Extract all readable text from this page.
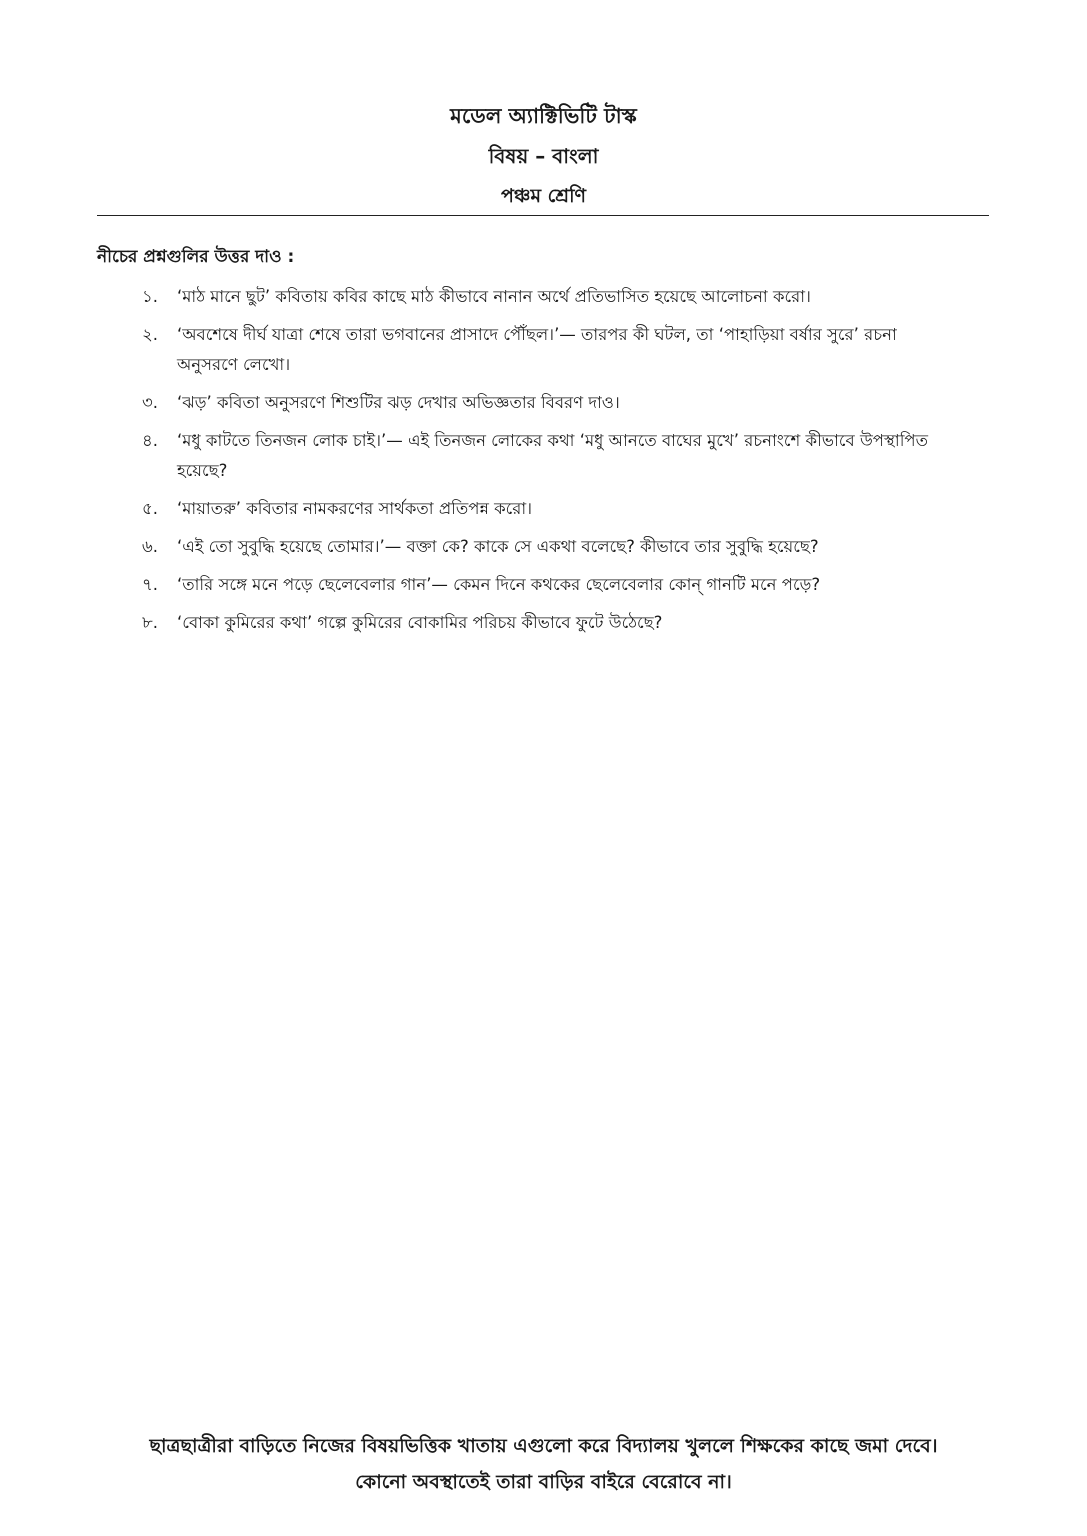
মডেল অ্যাক্টিভিটি টাস্ক
বিষয় – বাংলা
পঞ্চম শ্রেণি
নীচের প্রশ্নগুলির উত্তর দাও :
১.	‘মাঠ মানে ছুট’ কবিতায় কবির কাছে মাঠ কীভাবে নানান অর্থে প্রতিভাসিত হয়েছে আলোচনা করো।
২.	‘অবশেষে দীর্ঘ যাত্রা শেষে তারা ভগবানের প্রাসাদে পৌঁছল।’— তারপর কী ঘটল, তা ‘পাহাড়িয়া বর্ষার সুরে’ রচনা অনুসরণে লেখো।
৩.	‘ঝড়’ কবিতা অনুসরণে শিশুটির ঝড় দেখার অভিজ্ঞতার বিবরণ দাও।
৪.	‘মধু কাটতে তিনজন লোক চাই।’— এই তিনজন লোকের কথা ‘মধু আনতে বাঘের মুখে’ রচনাংশে কীভাবে উপস্থাপিত হয়েছে?
৫.	‘মায়াতরু’ কবিতার নামকরণের সার্থকতা প্রতিপন্ন করো।
৬.	‘এই তো সুবুদ্ধি হয়েছে তোমার।’— বক্তা কে? কাকে সে একথা বলেছে? কীভাবে তার সুবুদ্ধি হয়েছে?
৭.	‘তারি সঙ্গে মনে পড়ে ছেলেবেলার গান’— কেমন দিনে কথকের ছেলেবেলার কোন্ গানটি মনে পড়ে?
৮.	‘বোকা কুমিরের কথা’ গল্পে কুমিরের বোকামির পরিচয় কীভাবে ফুটে উঠেছে?
ছাত্রছাত্রীরা বাড়িতে নিজের বিষয়ভিত্তিক খাতায় এগুলো করে বিদ্যালয় খুললে শিক্ষকের কাছে জমা দেবে।
কোনো অবস্থাতেই তারা বাড়ির বাইরে বেরোবে না।
